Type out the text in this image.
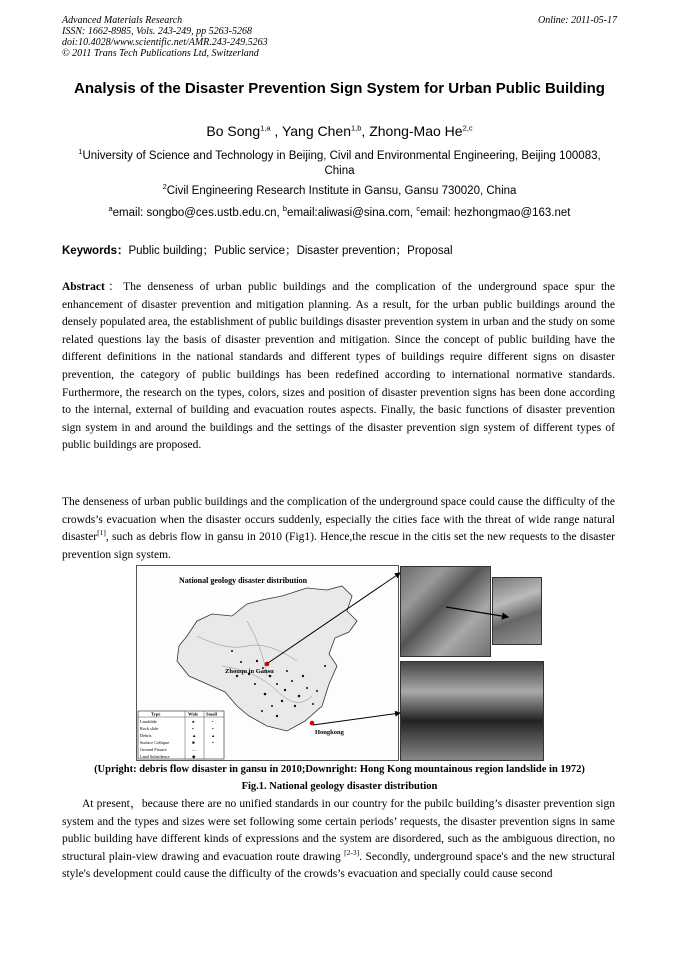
Advanced Materials Research
ISSN: 1662-8985, Vols. 243-249, pp 5263-5268
doi:10.4028/www.scientific.net/AMR.243-249.5263
© 2011 Trans Tech Publications Ltd, Switzerland
Online: 2011-05-17
Analysis of the Disaster Prevention Sign System for Urban Public Building
Bo Song$^{1,a}$ , Yang Chen$^{1,b}$, Zhong-Mao He$^{2,c}$
$^1$University of Science and Technology in Beijing, Civil and Environmental Engineering, Beijing 100083, China
$^2$Civil Engineering Research Institute in Gansu, Gansu 730020, China
$^a$email: songbo@ces.ustb.edu.cn, $^b$email:aliwasi@sina.com, $^c$email: hezhongmao@163.net
Keywords：Public building；Public service；Disaster prevention；Proposal
Abstract：The denseness of urban public buildings and the complication of the underground space spur the enhancement of disaster prevention and mitigation planning. As a result, for the urban public buildings around the densely populated area, the establishment of public buildings disaster prevention system in urban and the study on some related questions lay the basis of disaster prevention and mitigation. Since the concept of public building have the different definitions in the national standards and different types of buildings require different signs on disaster prevention, the category of public buildings has been redefined according to international normative standards. Furthermore, the research on the types, colors, sizes and position of disaster prevention signs has been done according to the internal, external of building and evacuation routes aspects. Finally, the basic functions of disaster prevention sign system in and around the buildings and the settings of the disaster prevention sign system of different types of public buildings are proposed.
The denseness of urban public buildings and the complication of the underground space could cause the difficulty of the crowds’s evacuation when the disaster occurs suddenly, especially the cities face with the threat of wide range natural disaster[1], such as debris flow in gansu in 2010 (Fig1). Hence,the rescue in the citis set the new requests to the disaster prevention sign system.
National geology disaster distribution
Zhouqu in Gansu
Hongkong
Type	Wide Small
Landslide	●	•
Rock slide	▪	▪
Debris	▲	▴
Surface Collapse	■	▪
Ground Fissure	—
Land Subsidence	◆
(Upright: debris flow disaster in gansu in 2010;Downright: Hong Kong mountainous region landslide in 1972)
Fig.1. National geology disaster distribution
At present，because there are no unified standards in our country for the pubilc building’s disaster prevention sign system and the types and sizes were set following some certain periods’ requests, the disaster prevention signs in same public building have different kinds of expressions and the system are disordered, such as the ambiguous direction, no structural plain-view drawing and evacuation route drawing [2-3]. Secondly, underground space's and the new structural style's development could cause the difficulty of the crowds’s evacuation and specially could cause second
